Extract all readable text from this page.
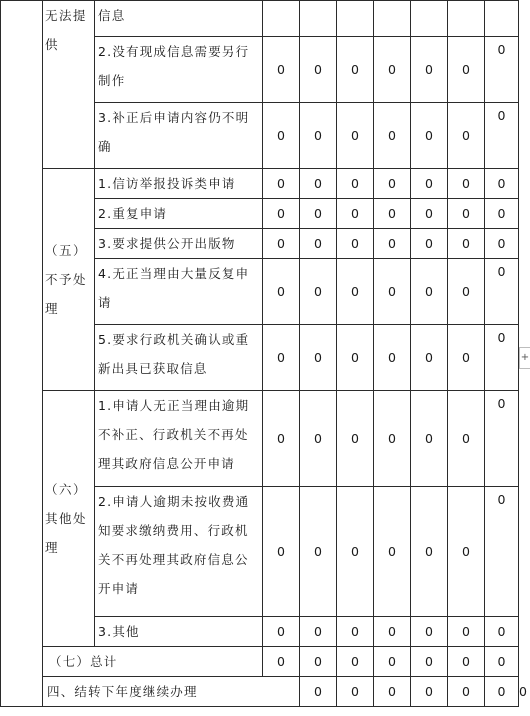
	无法提供	信息								
		2.没有现成信息需要另行制作	0	0	0	0	0	0	0	
		3.补正后申请内容仍不明确	0	0	0	0	0	0	0	
	（五）不予处理	1.信访举报投诉类申请	0	0	0	0	0	0	0	
		2.重复申请	0	0	0	0	0	0	0	
		3.要求提供公开出版物	0	0	0	0	0	0	0	
		4.无正当理由大量反复申请	0	0	0	0	0	0	0	
		5.要求行政机关确认或重新出具已获取信息	0	0	0	0	0	0	0	
	（六）其他处理	1.申请人无正当理由逾期不补正、行政机关不再处理其政府信息公开申请	0	0	0	0	0	0	0	
		2.申请人逾期未按收费通知要求缴纳费用、行政机关不再处理其政府信息公开申请	0	0	0	0	0	0	0	
		3.其他	0	0	0	0	0	0	0	
	（七）总计		0	0	0	0	0	0	0	
	四、结转下年度继续办理			0	0	0	0	0	0	0
+
